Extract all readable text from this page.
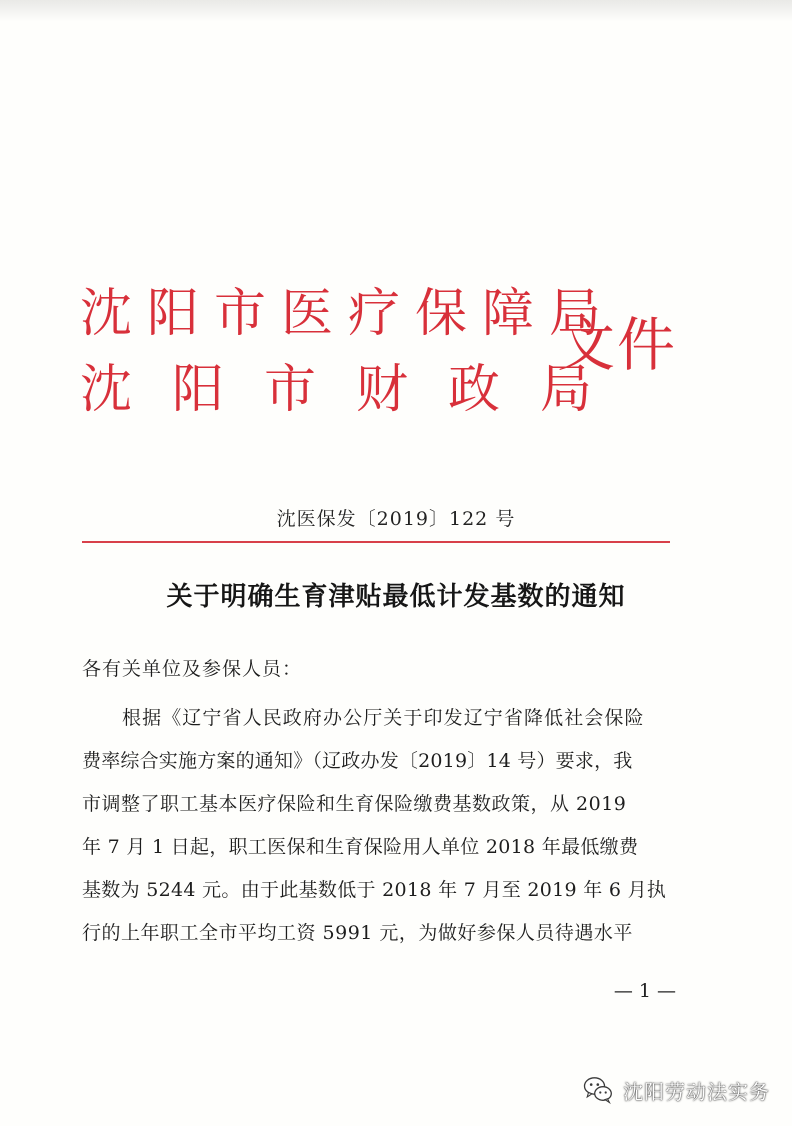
沈阳市医疗保障局
沈阳市财政局
文件
沈医保发〔2019〕122 号
关于明确生育津贴最低计发基数的通知
各有关单位及参保人员：
根据《辽宁省人民政府办公厅关于印发辽宁省降低社会保险
费率综合实施方案的通知》（辽政办发〔2019〕14 号）要求，我
市调整了职工基本医疗保险和生育保险缴费基数政策，从 2019
年 7 月 1 日起，职工医保和生育保险用人单位 2018 年最低缴费
基数为 5244 元。由于此基数低于 2018 年 7 月至 2019 年 6 月执
行的上年职工全市平均工资 5991 元，为做好参保人员待遇水平
— 1 —
沈阳劳动法实务
